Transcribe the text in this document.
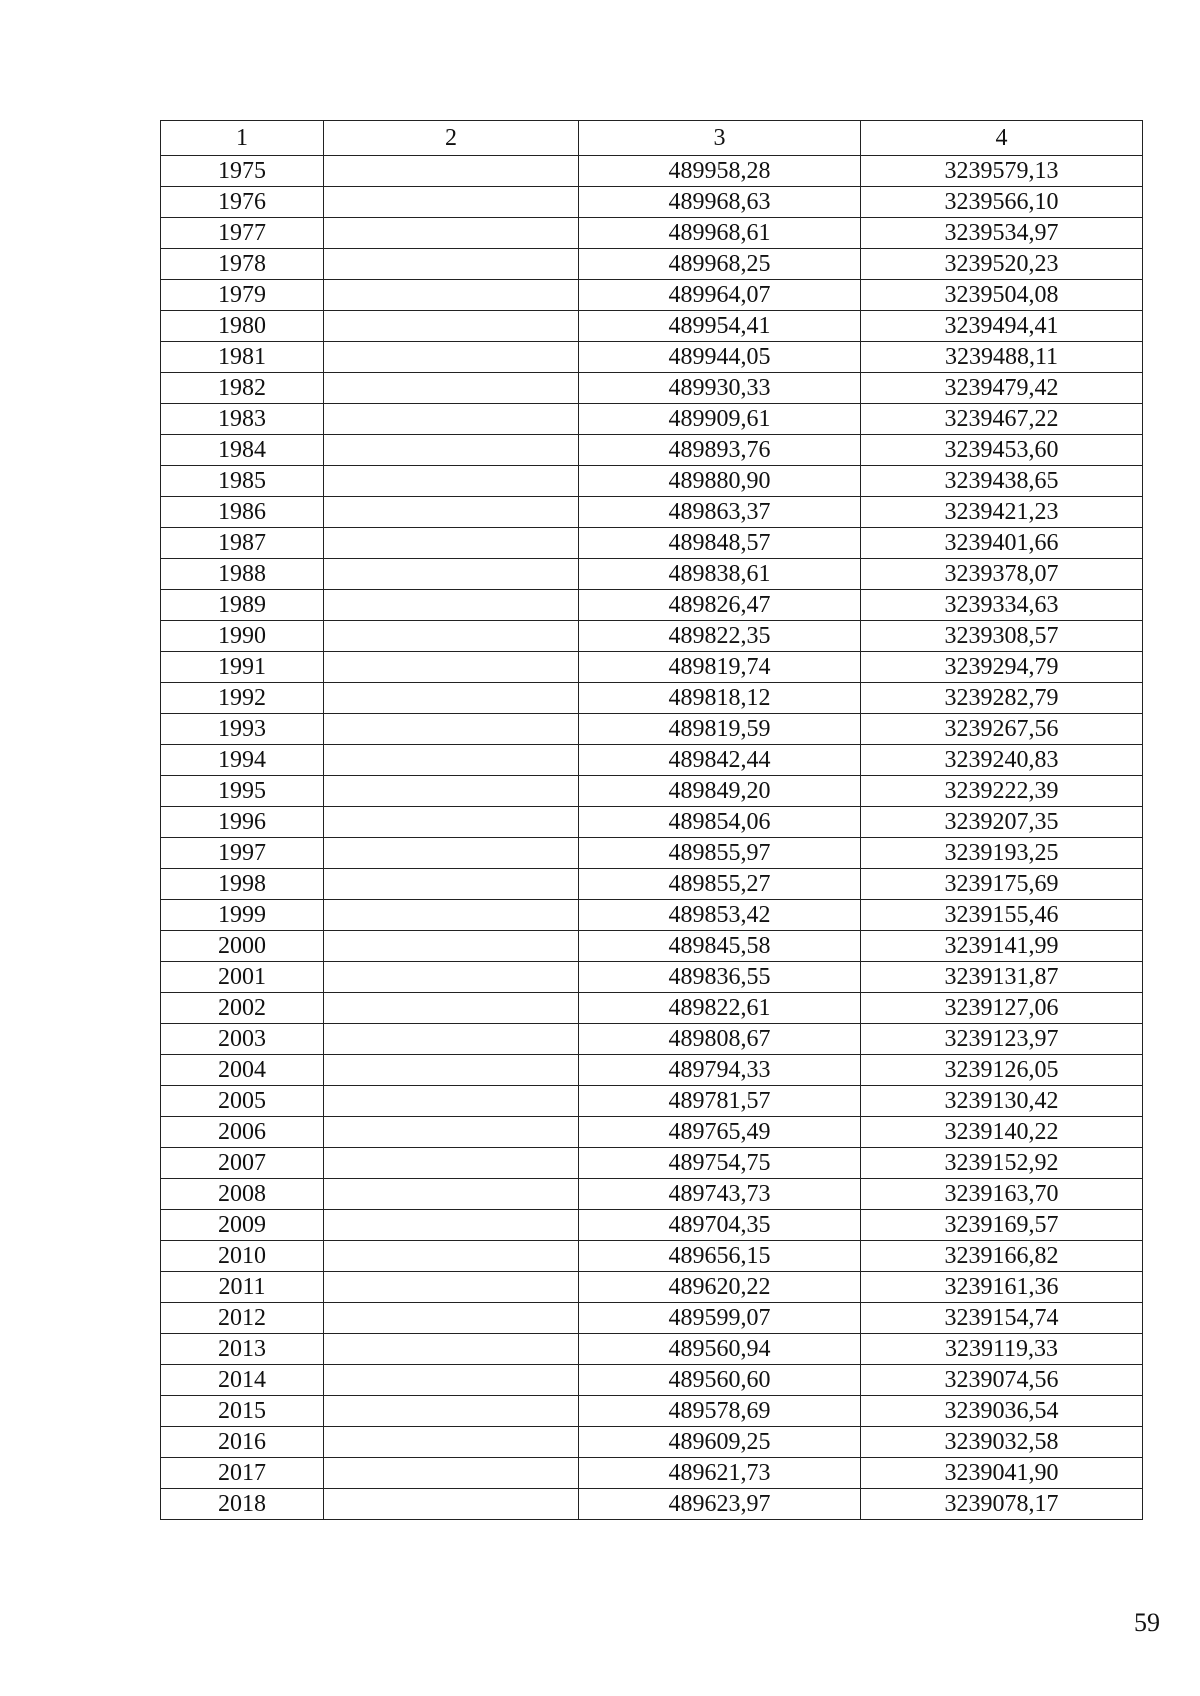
1	2	3	4
1975		489958,28	3239579,13
1976		489968,63	3239566,10
1977		489968,61	3239534,97
1978		489968,25	3239520,23
1979		489964,07	3239504,08
1980		489954,41	3239494,41
1981		489944,05	3239488,11
1982		489930,33	3239479,42
1983		489909,61	3239467,22
1984		489893,76	3239453,60
1985		489880,90	3239438,65
1986		489863,37	3239421,23
1987		489848,57	3239401,66
1988		489838,61	3239378,07
1989		489826,47	3239334,63
1990		489822,35	3239308,57
1991		489819,74	3239294,79
1992		489818,12	3239282,79
1993		489819,59	3239267,56
1994		489842,44	3239240,83
1995		489849,20	3239222,39
1996		489854,06	3239207,35
1997		489855,97	3239193,25
1998		489855,27	3239175,69
1999		489853,42	3239155,46
2000		489845,58	3239141,99
2001		489836,55	3239131,87
2002		489822,61	3239127,06
2003		489808,67	3239123,97
2004		489794,33	3239126,05
2005		489781,57	3239130,42
2006		489765,49	3239140,22
2007		489754,75	3239152,92
2008		489743,73	3239163,70
2009		489704,35	3239169,57
2010		489656,15	3239166,82
2011		489620,22	3239161,36
2012		489599,07	3239154,74
2013		489560,94	3239119,33
2014		489560,60	3239074,56
2015		489578,69	3239036,54
2016		489609,25	3239032,58
2017		489621,73	3239041,90
2018		489623,97	3239078,17
59
